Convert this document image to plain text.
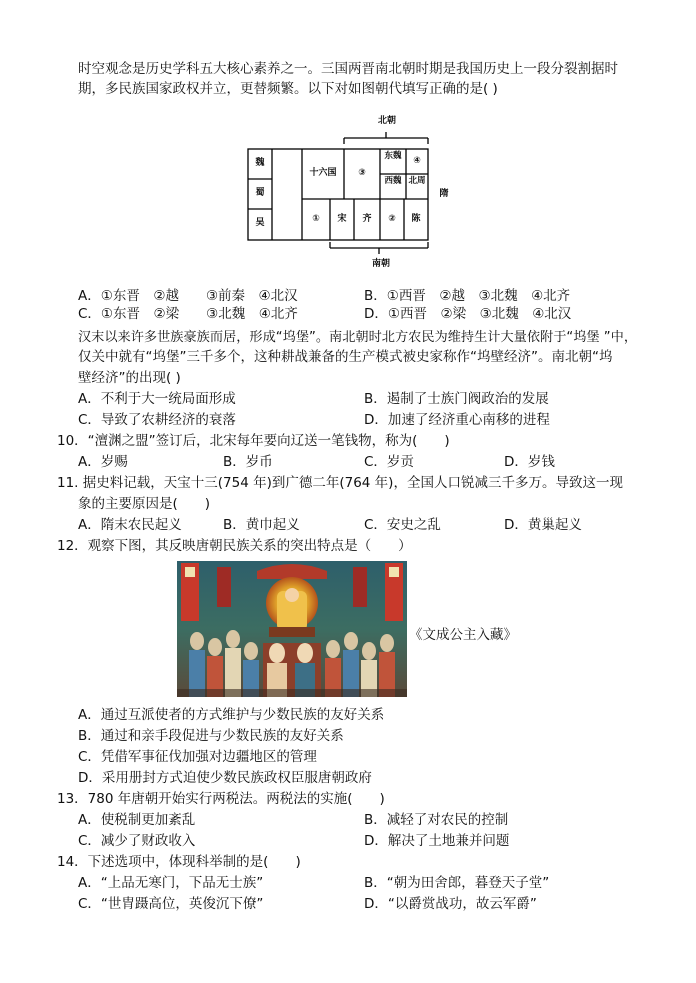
时空观念是历史学科五大核心素养之一。三国两晋南北朝时期是我国历史上一段分裂割据时
期，多民族国家政权并立，更替频繁。以下对如图朝代填写正确的是( )
北朝
南朝
魏
蜀
吴
十六国	③
东魏	④
西魏 北周
①	宋	齐	②	陈
隋
A．①东晋　②越　　③前秦　④北汉	B．①西晋　②越　③北魏　④北齐
C．①东晋　②梁　　③北魏　④北齐	D．①西晋　②梁　③北魏　④北汉
汉末以来许多世族豪族而居，形成“坞堡”。南北朝时北方农民为维持生计大量依附于“坞堡 ”中，
仅关中就有“坞堡”三千多个，这种耕战兼备的生产模式被史家称作“坞壁经济”。南北朝“坞
壁经济”的出现( )
A．不利于大一统局面形成	B．遏制了士族门阀政治的发展
C．导致了农耕经济的衰落	D．加速了经济重心南移的进程
10．“澶渊之盟”签订后，北宋每年要向辽送一笔钱物，称为(　　)
A．岁赐	B．岁币	C．岁贡	D．岁钱
11. 据史料记载，天宝十三(754 年)到广德二年(764 年)，全国人口锐减三千多万。导致这一现
象的主要原因是(　　)
A．隋末农民起义	B．黄巾起义	C．安史之乱	D．黄巢起义
12．观察下图，其反映唐朝民族关系的突出特点是（　　）
《文成公主入藏》
A．通过互派使者的方式维护与少数民族的友好关系
B．通过和亲手段促进与少数民族的友好关系
C．凭借军事征伐加强对边疆地区的管理
D．采用册封方式迫使少数民族政权臣服唐朝政府
13．780 年唐朝开始实行两税法。两税法的实施(　　)
A．使税制更加紊乱	B．减轻了对农民的控制
C．减少了财政收入	D．解决了土地兼并问题
14．下述选项中，体现科举制的是(　　)
A．“上品无寒门，下品无士族”	B．“朝为田舍郎，暮登天子堂”
C．“世胄蹑高位，英俊沉下僚”	D．“以爵赏战功，故云军爵”
